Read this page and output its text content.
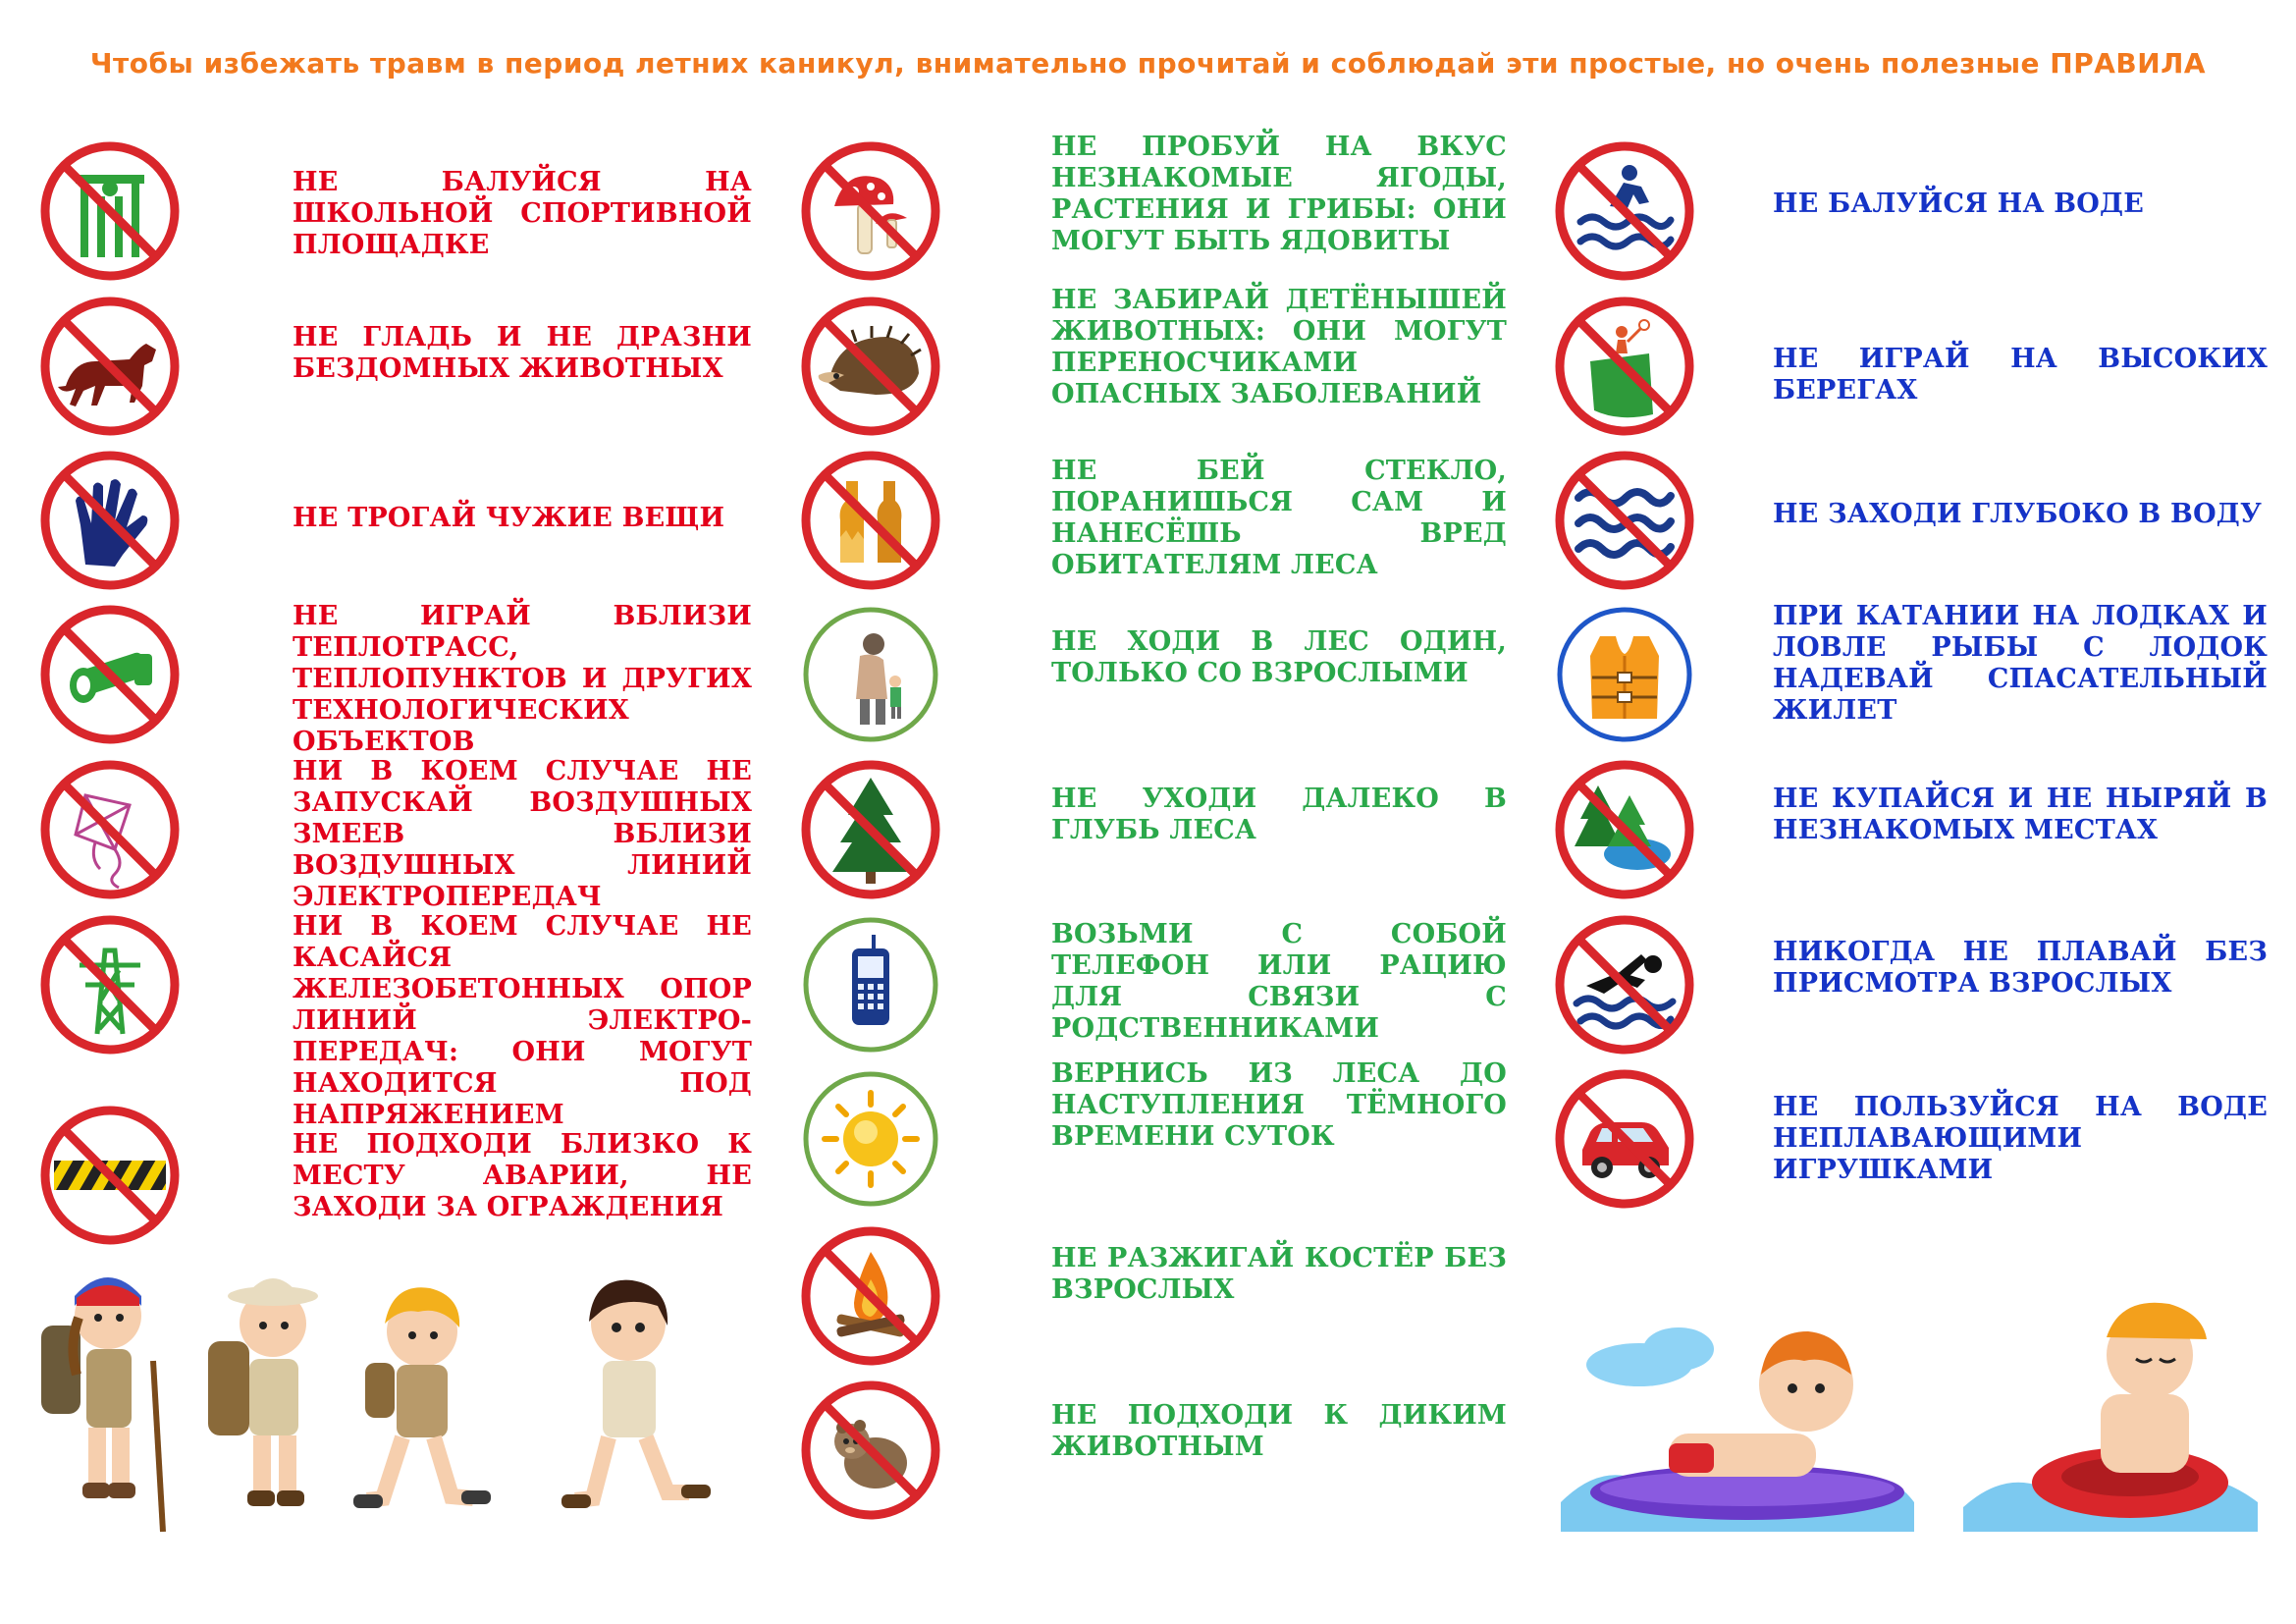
Чтобы избежать травм в период летних каникул, внимательно прочитай и соблюдай эти простые, но очень полезные ПРАВИЛА
НЕ БАЛУЙСЯ НА ШКОЛЬНОЙ СПОРТИВНОЙ ПЛОЩАДКЕ
НЕ ГЛАДЬ И НЕ ДРАЗНИ БЕЗДОМНЫХ ЖИВОТНЫХ
НЕ ТРОГАЙ ЧУЖИЕ ВЕЩИ
НЕ ИГРАЙ ВБЛИЗИ ТЕПЛОТРАСС, ТЕПЛОПУНКТОВ И ДРУГИХ ТЕХНОЛОГИЧЕСКИХ ОБЪЕКТОВ
НИ В КОЕМ СЛУЧАЕ НЕ ЗАПУСКАЙ ВОЗДУШНЫХ ЗМЕЕВ ВБЛИЗИ ВОЗДУШНЫХ ЛИНИЙ ЭЛЕКТРОПЕРЕДАЧ
НИ В КОЕМ СЛУЧАЕ НЕ КАСАЙСЯ ЖЕЛЕЗОБЕТОННЫХ ОПОР ЛИНИЙ ЭЛЕКТРО-ПЕРЕДАЧ: ОНИ МОГУТ НАХОДИТСЯ ПОД НАПРЯЖЕНИЕМ
НЕ ПОДХОДИ БЛИЗКО К МЕСТУ АВАРИИ, НЕ ЗАХОДИ ЗА ОГРАЖДЕНИЯ
НЕ ПРОБУЙ НА ВКУС НЕЗНАКОМЫЕ ЯГОДЫ, РАСТЕНИЯ И ГРИБЫ: ОНИ МОГУТ БЫТЬ ЯДОВИТЫ
НЕ ЗАБИРАЙ ДЕТЁНЫШЕЙ ЖИВОТНЫХ: ОНИ МОГУТ ПЕРЕНОСЧИКАМИ ОПАСНЫХ ЗАБОЛЕВАНИЙ
НЕ БЕЙ СТЕКЛО, ПОРАНИШЬСЯ САМ И НАНЕСЁШЬ ВРЕД ОБИТАТЕЛЯМ ЛЕСА
НЕ ХОДИ В ЛЕС ОДИН, ТОЛЬКО СО ВЗРОСЛЫМИ
НЕ УХОДИ ДАЛЕКО В ГЛУБЬ ЛЕСА
ВОЗЬМИ С СОБОЙ ТЕЛЕФОН ИЛИ РАЦИЮ ДЛЯ СВЯЗИ С РОДСТВЕННИКАМИ
ВЕРНИСЬ ИЗ ЛЕСА ДО НАСТУПЛЕНИЯ ТЁМНОГО ВРЕМЕНИ СУТОК
НЕ РАЗЖИГАЙ КОСТЁР БЕЗ ВЗРОСЛЫХ
НЕ ПОДХОДИ К ДИКИМ ЖИВОТНЫМ
НЕ БАЛУЙСЯ НА ВОДЕ
НЕ ИГРАЙ НА ВЫСОКИХ БЕРЕГАХ
НЕ ЗАХОДИ ГЛУБОКО В ВОДУ
ПРИ КАТАНИИ НА ЛОДКАХ И ЛОВЛЕ РЫБЫ С ЛОДОК НАДЕВАЙ СПАСАТЕЛЬНЫЙ ЖИЛЕТ
НЕ КУПАЙСЯ И НЕ НЫРЯЙ В НЕЗНАКОМЫХ МЕСТАХ
НИКОГДА НЕ ПЛАВАЙ БЕЗ ПРИСМОТРА ВЗРОСЛЫХ
НЕ ПОЛЬЗУЙСЯ НА ВОДЕ НЕПЛАВАЮЩИМИ ИГРУШКАМИ
